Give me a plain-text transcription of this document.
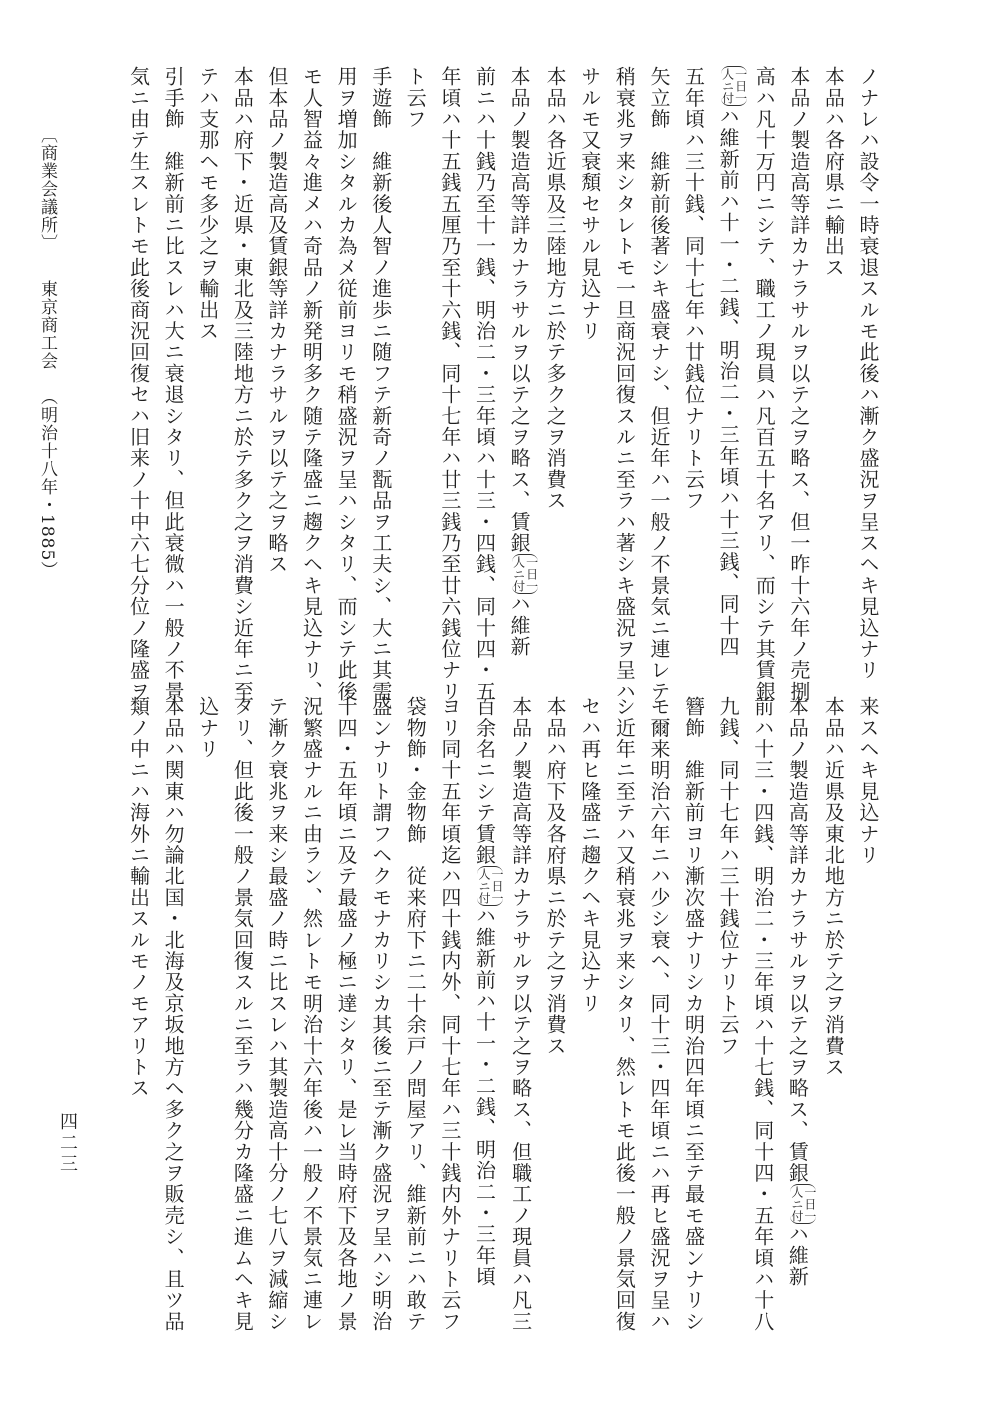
ノナレハ設令一時衰退スルモ此後ハ漸ク盛況ヲ呈スヘキ見込ナリ
本品ハ各府県ニ輸出ス
本品ノ製造高等詳カナラサルヲ以テ之ヲ略ス、但一昨十六年ノ売捌
高ハ凡十万円ニシテ、職工ノ現員ハ凡百五十名アリ、而シテ其賃銀
一日一
人ニ付ハ維新前ハ十一・二銭、明治二・三年頃ハ十三銭、同十四
五年頃ハ三十銭、同十七年ハ廿銭位ナリト云フ
矢立飾　維新前後著シキ盛衰ナシ、但近年ハ一般ノ不景気ニ連レテ
稍衰兆ヲ来シタレトモ一旦商況回復スルニ至ラハ著シキ盛況ヲ呈ハ
サルモ又衰頽セサル見込ナリ
本品ハ各近県及三陸地方ニ於テ多ク之ヲ消費ス
本品ノ製造高等詳カナラサルヲ以テ之ヲ略ス、賃銀一日一
人ニ付ハ維新
前ニハ十銭乃至十一銭、明治二・三年頃ハ十三・四銭、同十四・五
年頃ハ十五銭五厘乃至十六銭、同十七年ハ廿三銭乃至廿六銭位ナリ
ト云フ
手遊飾　維新後人智ノ進歩ニ随フテ新奇ノ翫品ヲ工夫シ、大ニ其需
用ヲ増加シタルカ為メ従前ヨリモ稍盛況ヲ呈ハシタリ、而シテ此後
モ人智益々進メハ奇品ノ新発明多ク随テ隆盛ニ趨クヘキ見込ナリ、
但本品ノ製造高及賃銀等詳カナラサルヲ以テ之ヲ略ス
本品ハ府下・近県・東北及三陸地方ニ於テ多ク之ヲ消費シ近年ニ至
テハ支那ヘモ多少之ヲ輸出ス
引手飾　維新前ニ比スレハ大ニ衰退シタリ、但此衰微ハ一般ノ不景
気ニ由テ生スレトモ此後商況回復セハ旧来ノ十中六七分位ノ隆盛ヲ
来スヘキ見込ナリ
本品ハ近県及東北地方ニ於テ之ヲ消費ス
本品ノ製造高等詳カナラサルヲ以テ之ヲ略ス、賃銀一日一
人ニ付ハ維新
前ハ十三・四銭、明治二・三年頃ハ十七銭、同十四・五年頃ハ十八
九銭、同十七年ハ三十銭位ナリト云フ
簪飾　維新前ヨリ漸次盛ナリシカ明治四年頃ニ至テ最モ盛ンナリシ
モ爾来明治六年ニハ少シ衰ヘ、同十三・四年頃ニハ再ヒ盛況ヲ呈ハ
シ近年ニ至テハ又稍衰兆ヲ来シタリ、然レトモ此後一般ノ景気回復
セハ再ヒ隆盛ニ趨クヘキ見込ナリ
本品ハ府下及各府県ニ於テ之ヲ消費ス
本品ノ製造高等詳カナラサルヲ以テ之ヲ略ス、但職工ノ現員ハ凡三
百余名ニシテ賃銀一日一
人ニ付ハ維新前ハ十一・二銭、明治二・三年頃
ヨリ同十五年頃迄ハ四十銭内外、同十七年ハ三十銭内外ナリト云フ
袋物飾・金物飾　従来府下ニ二十余戸ノ問屋アリ、維新前ニハ敢テ
盛ンナリト謂フヘクモナカリシカ其後ニ至テ漸ク盛況ヲ呈ハシ明治
十四・五年頃ニ及テ最盛ノ極ニ達シタリ、是レ当時府下及各地ノ景
況繁盛ナルニ由ラン、然レトモ明治十六年後ハ一般ノ不景気ニ連レ
テ漸ク衰兆ヲ来シ最盛ノ時ニ比スレハ其製造高十分ノ七八ヲ減縮シ
タリ、但此後一般ノ景気回復スルニ至ラハ幾分カ隆盛ニ進ムヘキ見
込ナリ
本品ハ関東ハ勿論北国・北海及京坂地方ヘ多ク之ヲ販売シ、且ツ品
類ノ中ニハ海外ニ輸出スルモノモアリトス
〔商業会議所〕東京商工会（明治十八年・1885）
四二三
